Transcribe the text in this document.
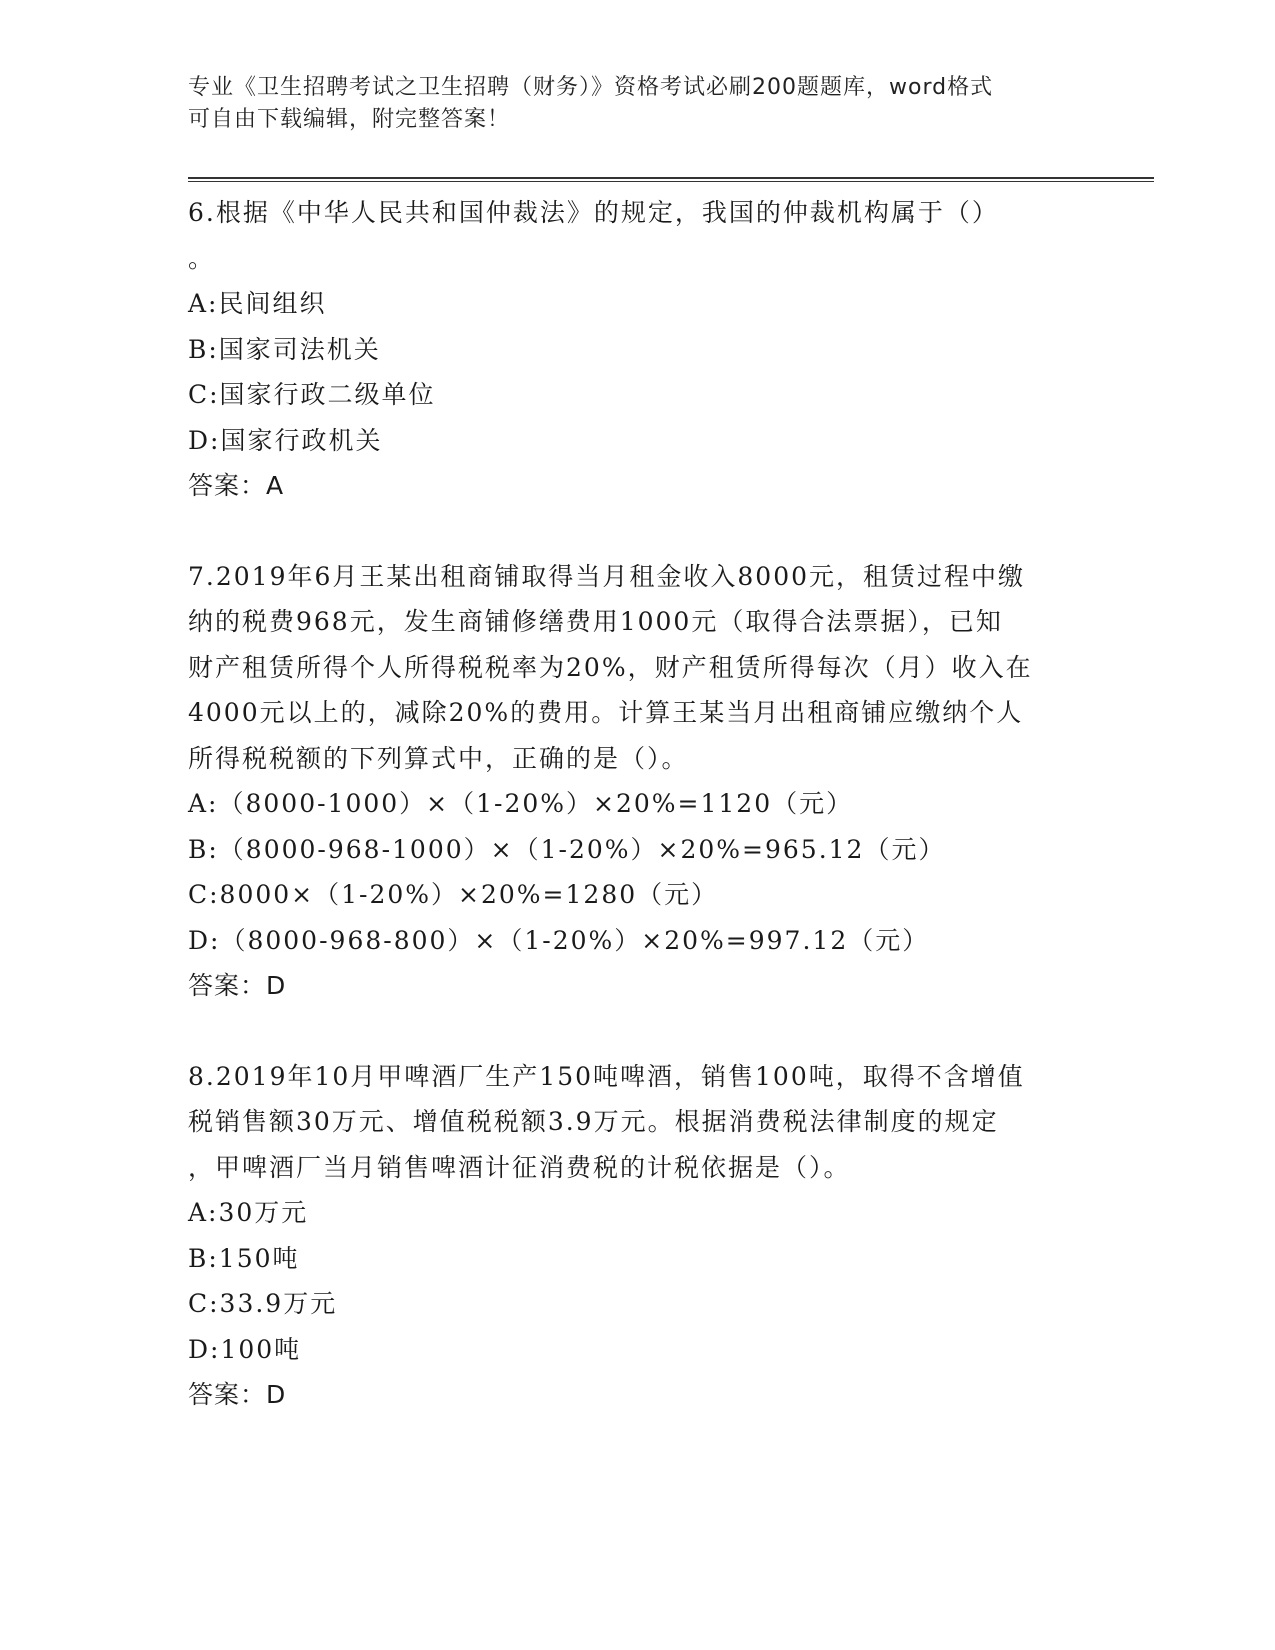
专业《卫生招聘考试之卫生招聘（财务）》资格考试必刷200题题库，word格式

可自由下载编辑，附完整答案！

6.根据《中华人民共和国仲裁法》的规定，我国的仲裁机构属于（）

。

A:民间组织
B:国家司法机关
C:国家行政二级单位
D:国家行政机关

答案：A

7.2019年6月王某出租商铺取得当月租金收入8000元，租赁过程中缴

纳的税费968元，发生商铺修缮费用1000元（取得合法票据），已知

财产租赁所得个人所得税税率为20%，财产租赁所得每次（月）收入在

4000元以上的，减除20%的费用。计算王某当月出租商铺应缴纳个人

所得税税额的下列算式中，正确的是（）。

A:（8000-1000）×（1-20%）×20%=1120（元）
B:（8000-968-1000）×（1-20%）×20%=965.12（元）
C:8000×（1-20%）×20%=1280（元）
D:（8000-968-800）×（1-20%）×20%=997.12（元）

答案：D

8.2019年10月甲啤酒厂生产150吨啤酒，销售100吨，取得不含增值

税销售额30万元、增值税税额3.9万元。根据消费税法律制度的规定

，甲啤酒厂当月销售啤酒计征消费税的计税依据是（）。

A:30万元
B:150吨
C:33.9万元
D:100吨

答案：D
